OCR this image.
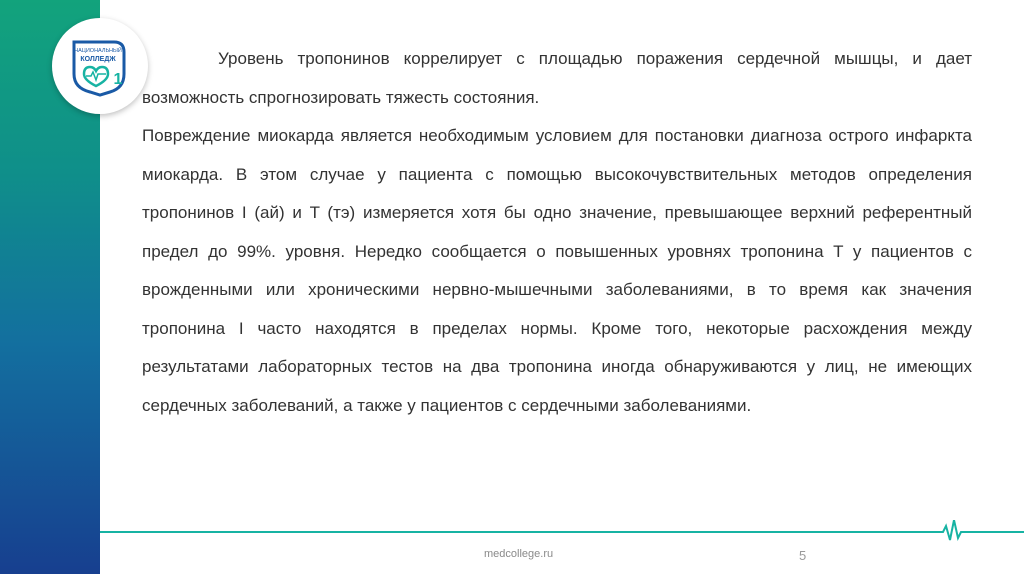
НАЦИОНАЛЬНЫЙ
КОЛЛЕДЖ
1

Уровень тропонинов коррелирует с площадью поражения сердечной мышцы, и дает возможность спрогнозировать тяжесть состояния.

Повреждение миокарда является необходимым условием для постановки диагноза острого инфаркта миокарда. В этом случае у пациента с помощью высокочувствительных методов определения тропонинов I (ай) и T (тэ) измеряется хотя бы одно значение, превышающее верхний референтный предел до 99%. уровня. Нередко сообщается о повышенных уровнях тропонина T у пациентов с врожденными или хроническими нервно-мышечными заболеваниями, в то время как значения тропонина I часто находятся в пределах нормы. Кроме того, некоторые расхождения между результатами лабораторных тестов на два тропонина иногда обнаруживаются у лиц, не имеющих сердечных заболеваний, а также у пациентов с сердечными заболеваниями.

medcollege.ru	5
